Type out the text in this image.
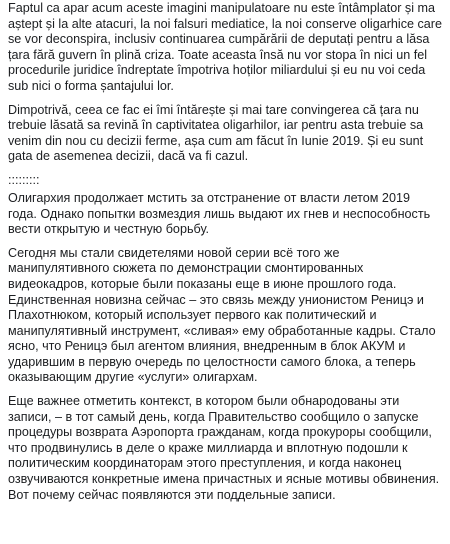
Faptul ca apar acum aceste imagini manipulatoare nu este întâmplator și ma aștept și la alte atacuri, la noi falsuri mediatice, la noi conserve oligarhice care se vor deconspira, inclusiv continuarea cumpărării de deputați pentru a lăsa țara fără guvern în plină criza. Toate aceasta însă nu vor stopa în nici un fel procedurile juridice îndreptate împotriva hoților miliardului și eu nu voi ceda sub nici o forma șantajului lor.

Dimpotrivă, ceea ce fac ei îmi întărește și mai tare convingerea că țara nu trebuie lăsată sa revină în captivitatea oligarhilor, iar pentru asta trebuie sa venim din nou cu decizii ferme, așa cum am făcut în Iunie 2019. Și eu sunt gata de asemenea decizii, dacă va fi cazul.

:::::::::

Олигархия продолжает мстить за отстранение от власти летом 2019 года. Однако попытки возмездия лишь выдают их гнев и неспособность вести открытую и честную борьбу.

Сегодня мы стали свидетелями новой серии всё того же манипулятивного сюжета по демонстрации смонтированных видеокадров, которые были показаны еще в июне прошлого года. Единственная новизна сейчас – это связь между унионистом Реницэ и Плахотнюком, который использует первого как политический и манипулятивный инструмент, «сливая» ему обработанные кадры. Стало ясно, что Реницэ был агентом влияния, внедренным в блок АКУМ и ударившим в первую очередь по целостности самого блока, а теперь оказывающим другие «услуги» олигархам.

Еще важнее отметить контекст, в котором были обнародованы эти записи, – в тот самый день, когда Правительство сообщило о запуске процедуры возврата Аэропорта гражданам, когда прокуроры сообщили, что продвинулись в деле о краже миллиарда и вплотную подошли к политическим координаторам этого преступления, и когда наконец озвучиваются конкретные имена причастных и ясные мотивы обвинения. Вот почему сейчас появляются эти поддельные записи.
